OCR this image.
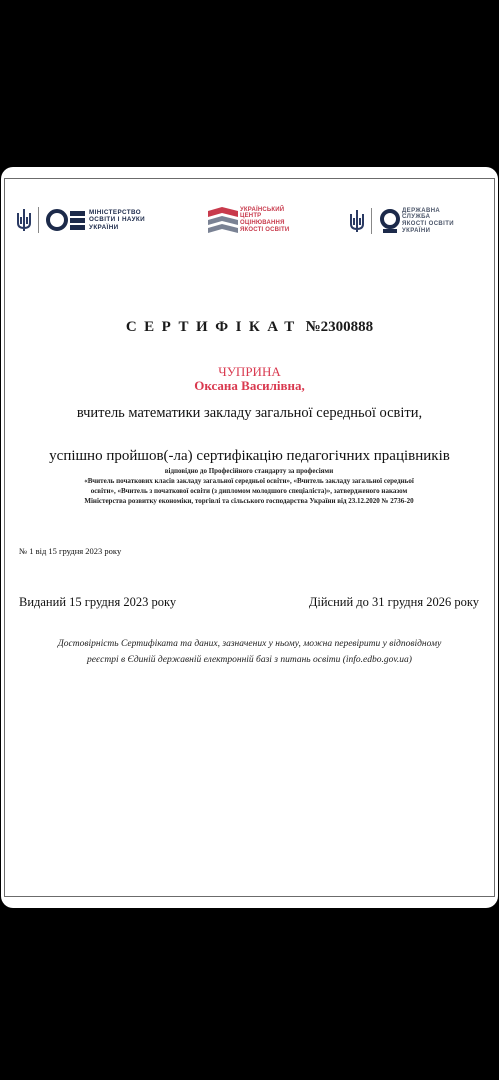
МІНІСТЕРСТВО
ОСВІТИ І НАУКИ
УКРАЇНИ
УКРАЇНСЬКИЙ
ЦЕНТР
ОЦІНЮВАННЯ
ЯКОСТІ ОСВІТИ
ДЕРЖАВНА
СЛУЖБА
ЯКОСТІ ОСВІТИ
УКРАЇНИ
СЕРТИФІКАТ №2300888
ЧУПРИНА
Оксана Василівна,
вчитель математики закладу загальної середньої освіти,
успішно пройшов(-ла) сертифікацію педагогічних працівників
відповідно до Професійного стандарту за професіями
«Вчитель початкових класів закладу загальної середньої освіти», «Вчитель закладу загальної середньої
освіти», «Вчитель з початкової освіти (з дипломом молодшого спеціаліста)», затвердженого наказом
Міністерства розвитку економіки, торгівлі та сільського господарства України від 23.12.2020 № 2736-20
№ 1 від 15 грудня 2023 року
Виданий 15 грудня 2023 року	Дійсний до 31 грудня 2026 року
Достовірність Сертифіката та даних, зазначених у ньому, можна перевірити у відповідному
реєстрі в Єдиній державній електронній базі з питань освіти (info.edbo.gov.ua)
